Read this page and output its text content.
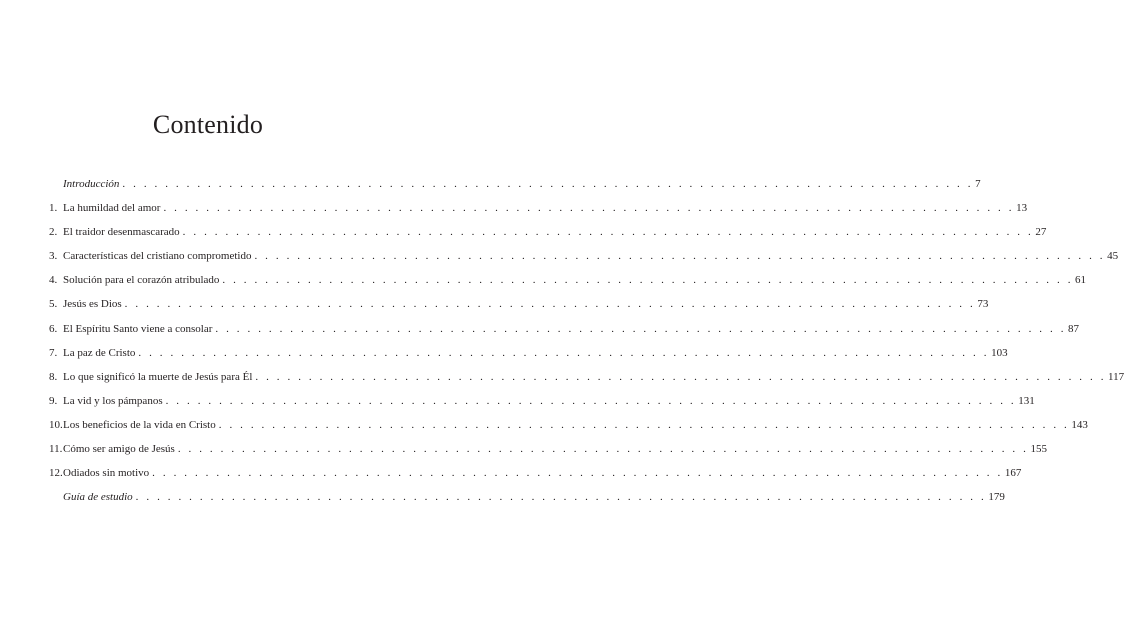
Contenido
Introducción . . . . . . . . . . . . . . . . . . . . . . . . . . . . . . . . . . . . . . . . . . . . . . . . . . . . . . . . . . . . . . . . . . . . . . . . . . . . . . . . 7
1. La humildad del amor . . . . . . . . . . . . . . . . . . . . . . . . . . . . . . . . . . . . . . . . . . . . . . . . . . . . . . . . . . . . . . . . . . . . . . . . . . . . . . . . 13
2. El traidor desenmascarado . . . . . . . . . . . . . . . . . . . . . . . . . . . . . . . . . . . . . . . . . . . . . . . . . . . . . . . . . . . . . . . . . . . . . . . . . . . . . . . . 27
3. Características del cristiano comprometido . . . . . . . . . . . . . . . . . . . . . . . . . . . . . . . . . . . . . . . . . . . . . . . . . . . . . . . . . . . . . . . . . . . . . . . . . . . . . . . . 45
4. Solución para el corazón atribulado . . . . . . . . . . . . . . . . . . . . . . . . . . . . . . . . . . . . . . . . . . . . . . . . . . . . . . . . . . . . . . . . . . . . . . . . . . . . . . . . 61
5. Jesús es Dios . . . . . . . . . . . . . . . . . . . . . . . . . . . . . . . . . . . . . . . . . . . . . . . . . . . . . . . . . . . . . . . . . . . . . . . . . . . . . . . . 73
6. El Espíritu Santo viene a consolar . . . . . . . . . . . . . . . . . . . . . . . . . . . . . . . . . . . . . . . . . . . . . . . . . . . . . . . . . . . . . . . . . . . . . . . . . . . . . . . . 87
7. La paz de Cristo . . . . . . . . . . . . . . . . . . . . . . . . . . . . . . . . . . . . . . . . . . . . . . . . . . . . . . . . . . . . . . . . . . . . . . . . . . . . . . . . 103
8. Lo que significó la muerte de Jesús para Él . . . . . . . . . . . . . . . . . . . . . . . . . . . . . . . . . . . . . . . . . . . . . . . . . . . . . . . . . . . . . . . . . . . . . . . . . . . . . . . . 117
9. La vid y los pámpanos . . . . . . . . . . . . . . . . . . . . . . . . . . . . . . . . . . . . . . . . . . . . . . . . . . . . . . . . . . . . . . . . . . . . . . . . . . . . . . . . 131
10. Los beneficios de la vida en Cristo . . . . . . . . . . . . . . . . . . . . . . . . . . . . . . . . . . . . . . . . . . . . . . . . . . . . . . . . . . . . . . . . . . . . . . . . . . . . . . . . 143
11. Cómo ser amigo de Jesús . . . . . . . . . . . . . . . . . . . . . . . . . . . . . . . . . . . . . . . . . . . . . . . . . . . . . . . . . . . . . . . . . . . . . . . . . . . . . . . . 155
12. Odiados sin motivo . . . . . . . . . . . . . . . . . . . . . . . . . . . . . . . . . . . . . . . . . . . . . . . . . . . . . . . . . . . . . . . . . . . . . . . . . . . . . . . . 167
Guía de estudio . . . . . . . . . . . . . . . . . . . . . . . . . . . . . . . . . . . . . . . . . . . . . . . . . . . . . . . . . . . . . . . . . . . . . . . . . . . . . . . . 179
